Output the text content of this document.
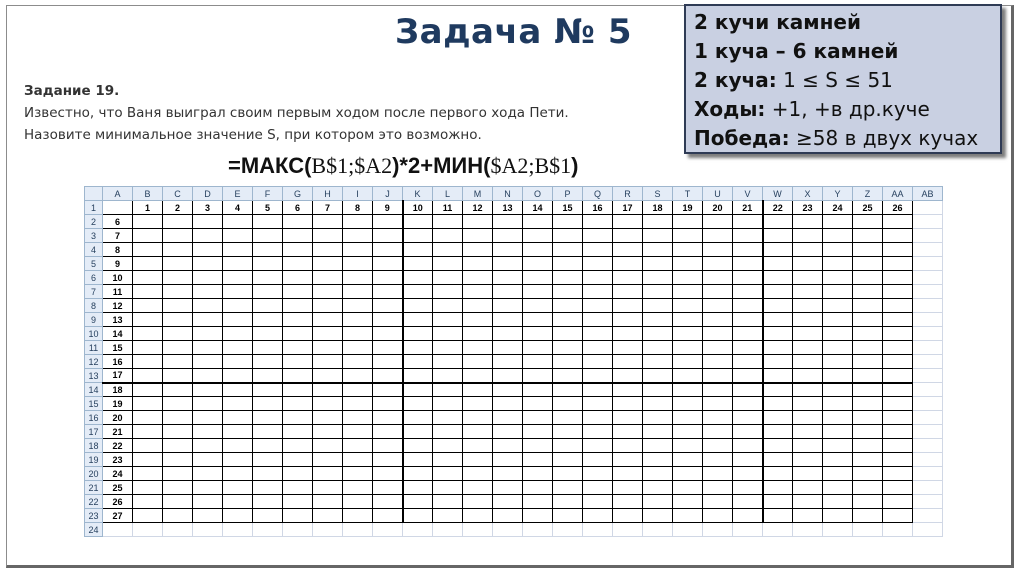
Задача № 5	2 кучи камней
1 куча – 6 камней
2 куча: 1 ≤ S ≤ 51
Ходы: +1, +в др.куче
Победа: ≥58 в двух кучах
Задание 19.
Известно, что Ваня выиграл своим первым ходом после первого хода Пети.
Назовите минимальное значение S, при котором это возможно.
=МАКС(B$1;$A2)*2+МИН($A2;B$1)
	A	B	C	D	E	F	G	H	I	J	K	L	M	N	O	P	Q	R	S	T	U	V	W	X	Y	Z	AA	AB
1		1	2	3	4	5	6	7	8	9	10	11	12	13	14	15	16	17	18	19	20	21	22	23	24	25	26	
2	6																											
3	7																											
4	8																											
5	9																											
6	10																											
7	11																											
8	12																											
9	13																											
10	14																											
11	15																											
12	16																											
13	17																											
14	18																											
15	19																											
16	20																											
17	21																											
18	22																											
19	23																											
20	24																											
21	25																											
22	26																											
23	27																											
24																												
